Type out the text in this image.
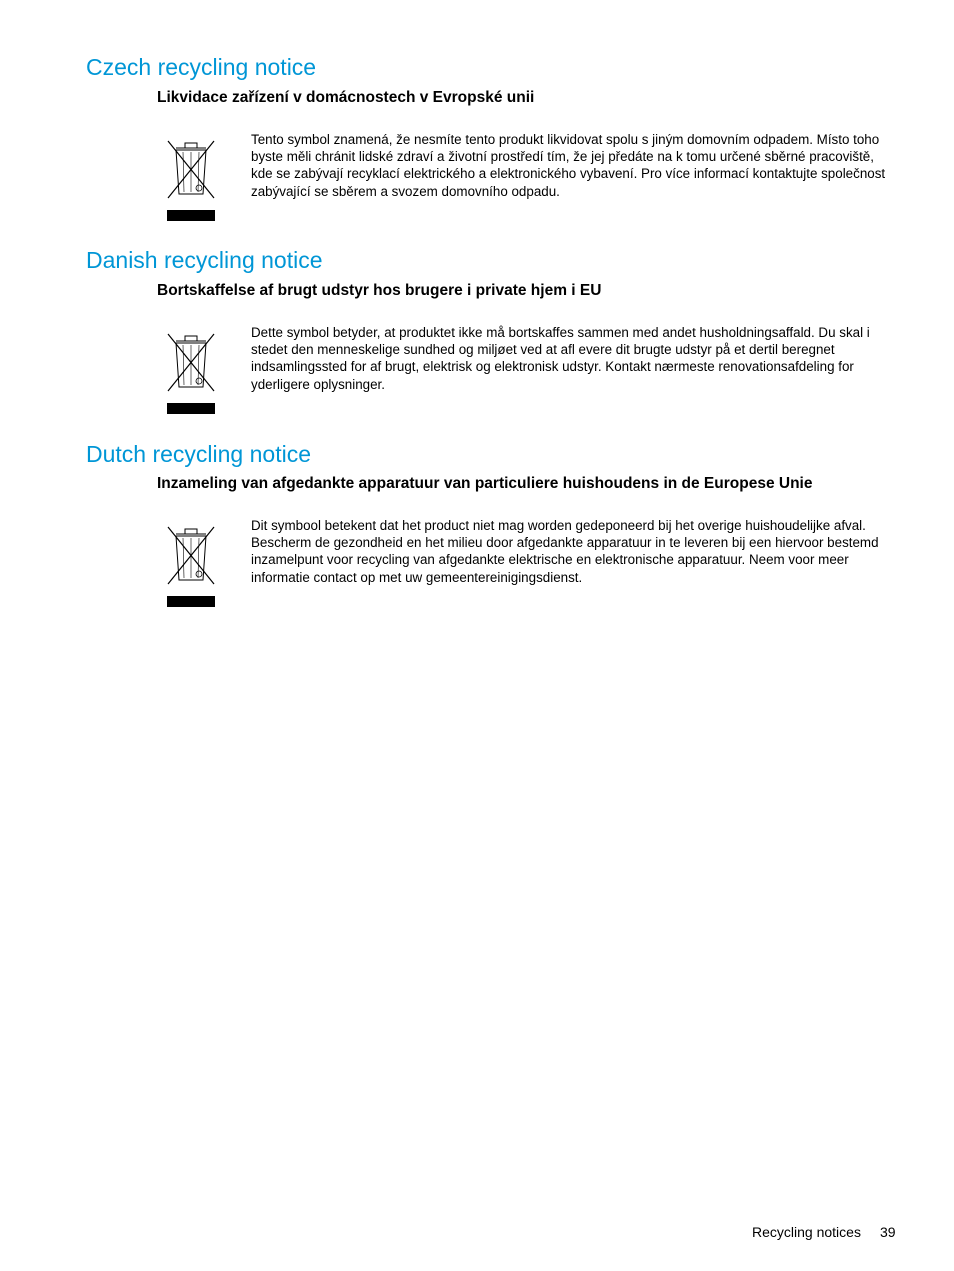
Czech recycling notice
Likvidace zařízení v domácnostech v Evropské unii

Tento symbol znamená, že nesmíte tento produkt likvidovat spolu s jiným domovním odpadem. Místo toho byste měli chránit lidské zdraví a životní prostředí tím, že jej předáte na k tomu určené sběrné pracoviště, kde se zabývají recyklací elektrického a elektronického vybavení. Pro více informací kontaktujte společnost zabývající se sběrem a svozem domovního odpadu.

Danish recycling notice
Bortskaffelse af brugt udstyr hos brugere i private hjem i EU

Dette symbol betyder, at produktet ikke må bortskaffes sammen med andet husholdningsaffald. Du skal i stedet den menneskelige sundhed og miljøet ved at afl evere dit brugte udstyr på et dertil beregnet indsamlingssted for af brugt, elektrisk og elektronisk udstyr. Kontakt nærmeste renovationsafdeling for yderligere oplysninger.

Dutch recycling notice
Inzameling van afgedankte apparatuur van particuliere huishoudens in de Europese Unie

Dit symbool betekent dat het product niet mag worden gedeponeerd bij het overige huishoudelijke afval. Bescherm de gezondheid en het milieu door afgedankte apparatuur in te leveren bij een hiervoor bestemd inzamelpunt voor recycling van afgedankte elektrische en elektronische apparatuur. Neem voor meer informatie contact op met uw gemeentereinigingsdienst.

Recycling notices 39
